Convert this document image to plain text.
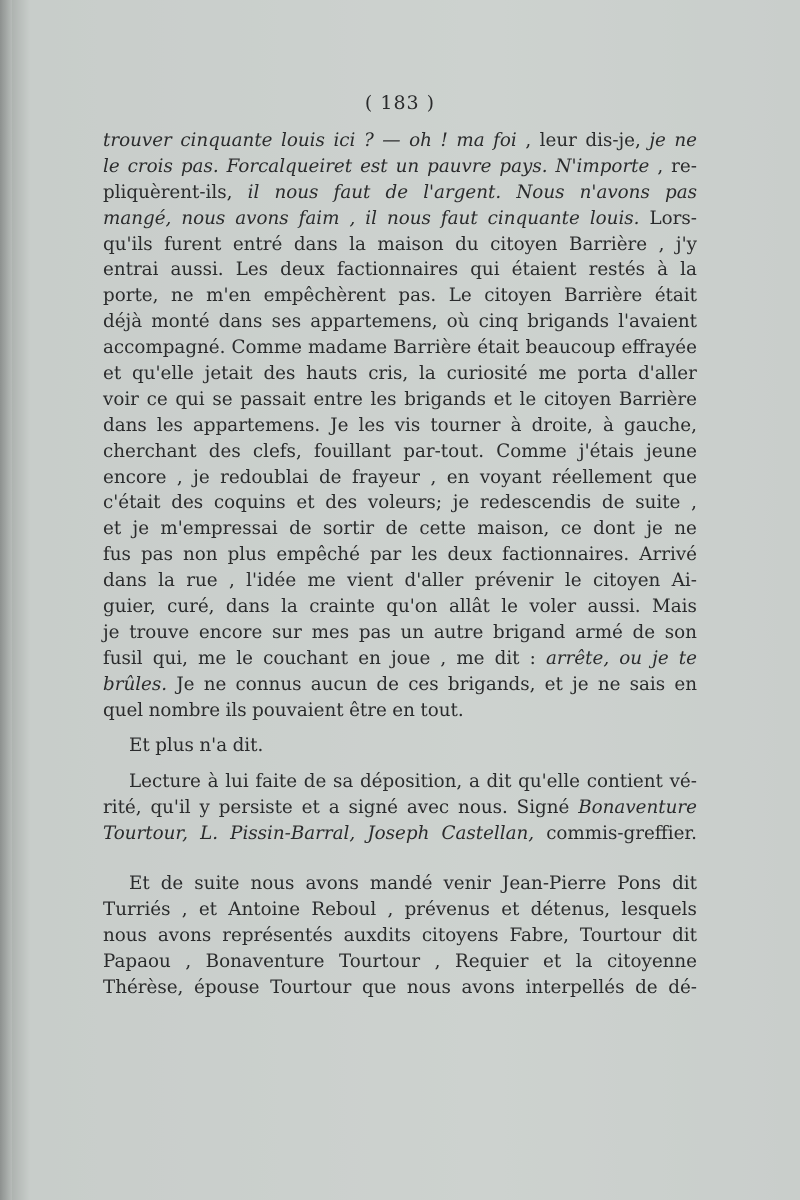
( 183 )
trouver cinquante louis ici ? — oh ! ma foi , leur dis-je, je ne
le crois pas. Forcalqueiret est un pauvre pays. N'importe , re-
pliquèrent-ils, il nous faut de l'argent. Nous n'avons pas
mangé, nous avons faim , il nous faut cinquante louis. Lors-
qu'ils furent entré dans la maison du citoyen Barrière , j'y
entrai aussi. Les deux factionnaires qui étaient restés à la
porte, ne m'en empêchèrent pas. Le citoyen Barrière était
déjà monté dans ses appartemens, où cinq brigands l'avaient
accompagné. Comme madame Barrière était beaucoup effrayée
et qu'elle jetait des hauts cris, la curiosité me porta d'aller
voir ce qui se passait entre les brigands et le citoyen Barrière
dans les appartemens. Je les vis tourner à droite, à gauche,
cherchant des clefs, fouillant par-tout. Comme j'étais jeune
encore , je redoublai de frayeur , en voyant réellement que
c'était des coquins et des voleurs; je redescendis de suite ,
et je m'empressai de sortir de cette maison, ce dont je ne
fus pas non plus empêché par les deux factionnaires. Arrivé
dans la rue , l'idée me vient d'aller prévenir le citoyen Ai-
guier, curé, dans la crainte qu'on allât le voler aussi. Mais
je trouve encore sur mes pas un autre brigand armé de son
fusil qui, me le couchant en joue , me dit : arrête, ou je te
brûles. Je ne connus aucun de ces brigands, et je ne sais en
quel nombre ils pouvaient être en tout.
Et plus n'a dit.
Lecture à lui faite de sa déposition, a dit qu'elle contient vé-
rité, qu'il y persiste et a signé avec nous. Signé Bonaventure
Tourtour, L. Pissin-Barral, Joseph Castellan, commis-greffier.
Et de suite nous avons mandé venir Jean-Pierre Pons dit
Turriés , et Antoine Reboul , prévenus et détenus, lesquels
nous avons représentés auxdits citoyens Fabre, Tourtour dit
Papaou , Bonaventure Tourtour , Requier et la citoyenne
Thérèse, épouse Tourtour que nous avons interpellés de dé-
